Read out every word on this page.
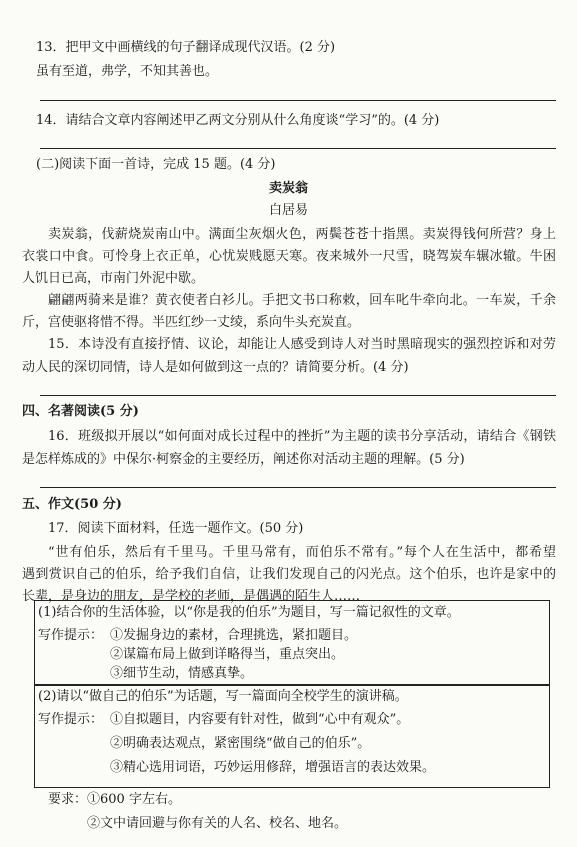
13．把甲文中画横线的句子翻译成现代汉语。(2 分)
虽有至道，弗学，不知其善也。
14．请结合文章内容阐述甲乙两文分别从什么角度谈“学习”的。(4 分)
(二)阅读下面一首诗，完成 15 题。(4 分)
卖炭翁
白居易
卖炭翁，伐薪烧炭南山中。满面尘灰烟火色，两鬓苍苍十指黑。卖炭得钱何所营？身上
衣裳口中食。可怜身上衣正单，心忧炭贱愿天寒。夜来城外一尺雪，晓驾炭车辗冰辙。牛困
人饥日已高，市南门外泥中歇。
翩翩两骑来是谁？黄衣使者白衫儿。手把文书口称敕，回车叱牛牵向北。一车炭，千余
斤，宫使驱将惜不得。半匹红纱一丈绫，系向牛头充炭直。
15．本诗没有直接抒情、议论，却能让人感受到诗人对当时黑暗现实的强烈控诉和对劳
动人民的深切同情，诗人是如何做到这一点的？请简要分析。(4 分)
四、名著阅读(5 分)
16．班级拟开展以“如何面对成长过程中的挫折”为主题的读书分享活动，请结合《钢铁
是怎样炼成的》中保尔·柯察金的主要经历，阐述你对活动主题的理解。(5 分)
五、作文(50 分)
17．阅读下面材料，任选一题作文。(50 分)
“世有伯乐，然后有千里马。千里马常有，而伯乐不常有。”每个人在生活中，都希望
遇到赏识自己的伯乐，给予我们自信，让我们发现自己的闪光点。这个伯乐，也许是家中的
长辈，是身边的朋友，是学校的老师，是偶遇的陌生人……
(1)结合你的生活体验，以“你是我的伯乐”为题目，写一篇记叙性的文章。
写作提示： ①发掘身边的素材，合理挑选，紧扣题目。
②谋篇布局上做到详略得当，重点突出。
③细节生动，情感真挚。
(2)请以“做自己的伯乐”为话题，写一篇面向全校学生的演讲稿。
写作提示： ①自拟题目，内容要有针对性，做到“心中有观众”。
②明确表达观点，紧密围绕“做自己的伯乐”。
③精心选用词语，巧妙运用修辞，增强语言的表达效果。
要求： ①600 字左右。
②文中请回避与你有关的人名、校名、地名。
